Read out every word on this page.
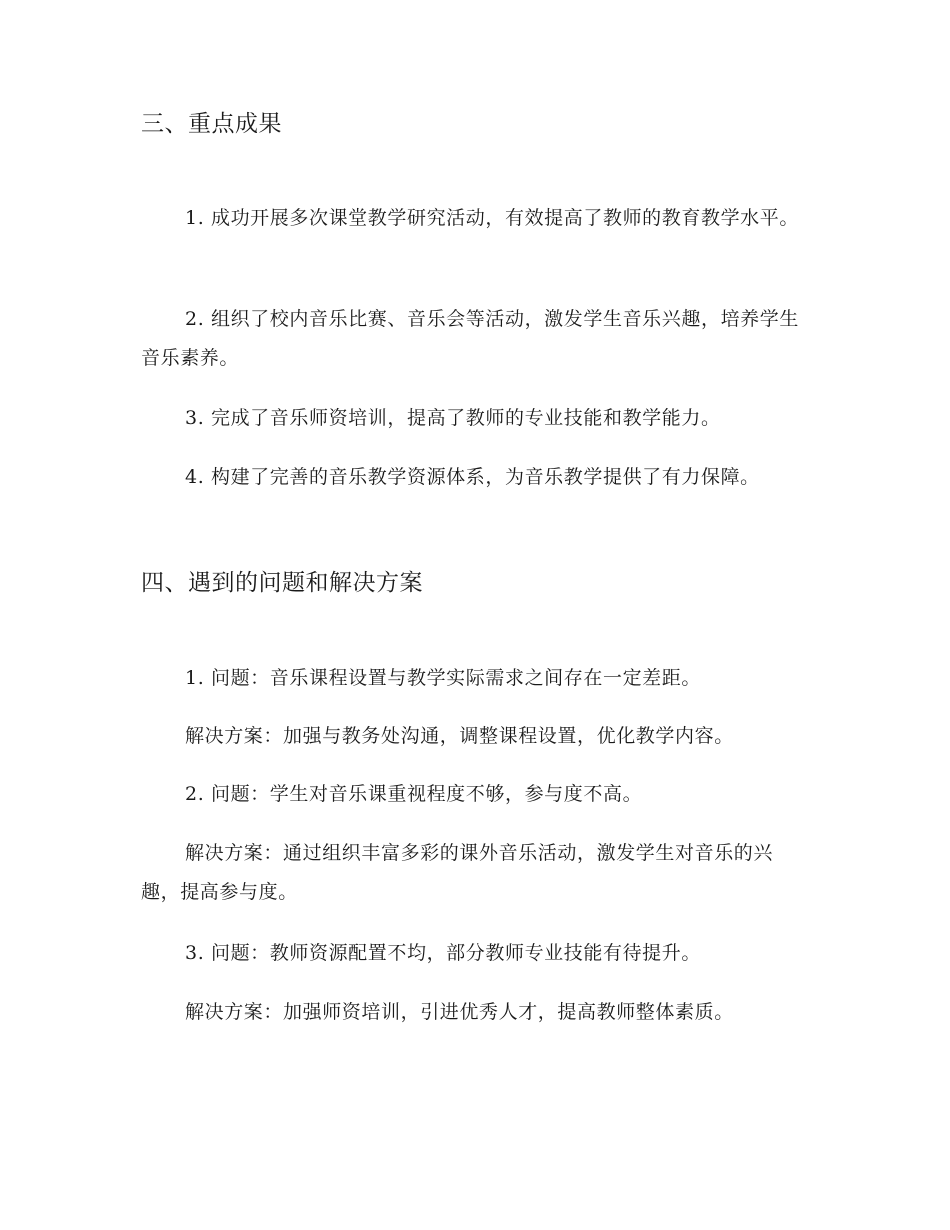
三、重点成果

1. 成功开展多次课堂教学研究活动，有效提高了教师的教育教学水平。

2. 组织了校内音乐比赛、音乐会等活动，激发学生音乐兴趣，培养学生音乐素养。

3. 完成了音乐师资培训，提高了教师的专业技能和教学能力。

4. 构建了完善的音乐教学资源体系，为音乐教学提供了有力保障。

四、遇到的问题和解决方案

1. 问题：音乐课程设置与教学实际需求之间存在一定差距。

解决方案：加强与教务处沟通，调整课程设置，优化教学内容。

2. 问题：学生对音乐课重视程度不够，参与度不高。

解决方案：通过组织丰富多彩的课外音乐活动，激发学生对音乐的兴趣，提高参与度。

3. 问题：教师资源配置不均，部分教师专业技能有待提升。

解决方案：加强师资培训，引进优秀人才，提高教师整体素质。
